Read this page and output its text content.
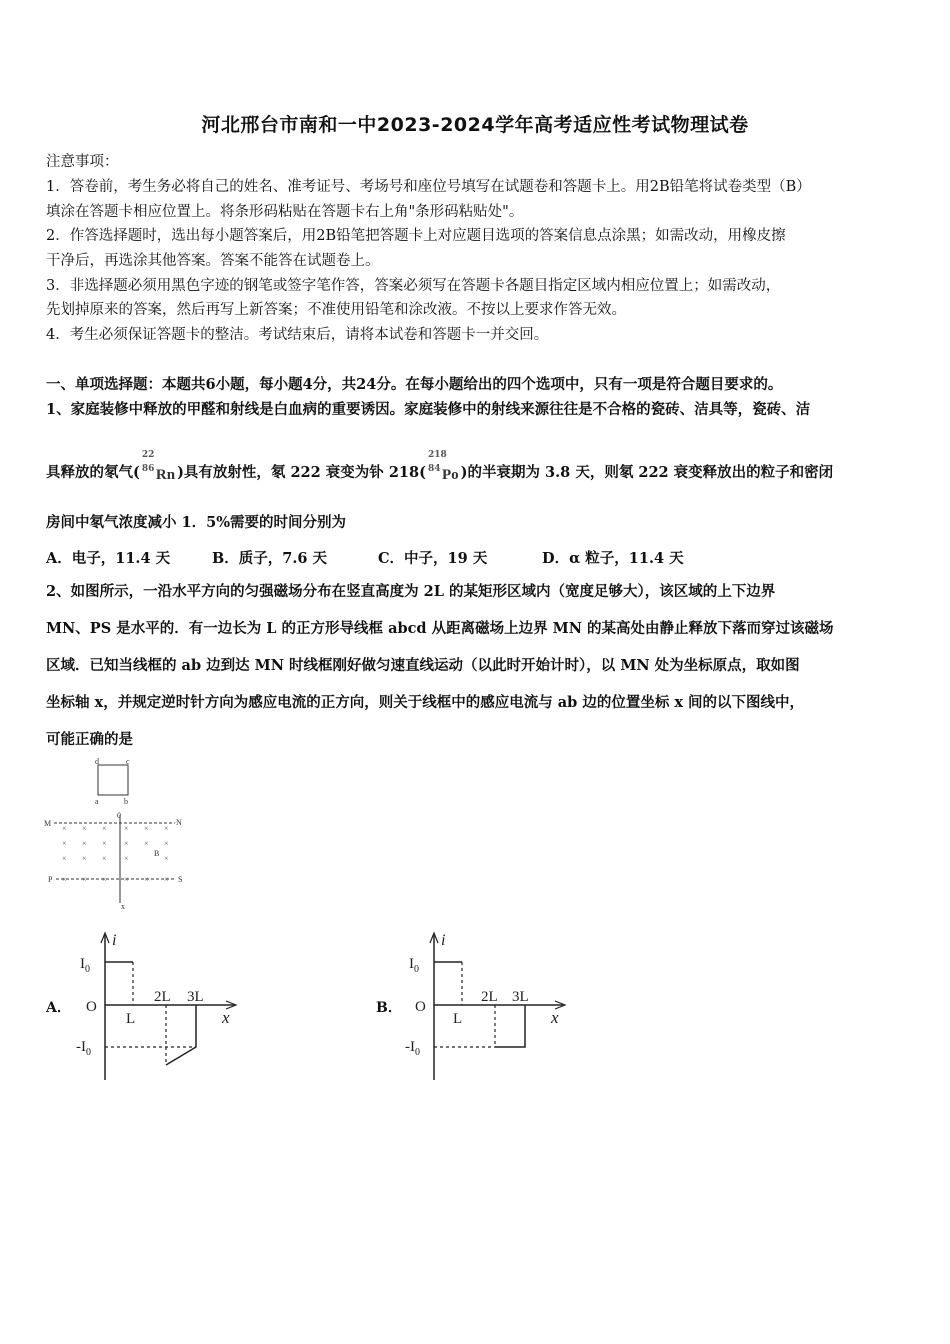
河北邢台市南和一中2023-2024学年高考适应性考试物理试卷
注意事项：
1．答卷前，考生务必将自己的姓名、准考证号、考场号和座位号填写在试题卷和答题卡上。用2B铅笔将试卷类型（B）
填涂在答题卡相应位置上。将条形码粘贴在答题卡右上角"条形码粘贴处"。
2．作答选择题时，选出每小题答案后，用2B铅笔把答题卡上对应题目选项的答案信息点涂黑；如需改动，用橡皮擦
干净后，再选涂其他答案。答案不能答在试题卷上。
3．非选择题必须用黑色字迹的钢笔或签字笔作答，答案必须写在答题卡各题目指定区域内相应位置上；如需改动，
先划掉原来的答案，然后再写上新答案；不准使用铅笔和涂改液。不按以上要求作答无效。
4．考生必须保证答题卡的整洁。考试结束后，请将本试卷和答题卡一并交回。
一、单项选择题：本题共6小题，每小题4分，共24分。在每小题给出的四个选项中，只有一项是符合题目要求的。
1、家庭装修中释放的甲醛和射线是白血病的重要诱因。家庭装修中的射线来源往往是不合格的瓷砖、洁具等，瓷砖、洁
具释放的氡气(
22
86 Rn )具有放射性，氡 222 衰变为钋 218(
218
84 Po )的半衰期为 3.8 天，则氡 222 衰变释放出的粒子和密闭
房间中氡气浓度减小 1．5%需要的时间分别为
A．电子，11.4 天	B．质子，7.6 天	C．中子，19 天	D．α 粒子，11.4 天
2、如图所示，一沿水平方向的匀强磁场分布在竖直高度为 2L 的某矩形区域内（宽度足够大），该区域的上下边界
MN、PS 是水平的．有一边长为 L 的正方形导线框 abcd 从距离磁场上边界 MN 的某高处由静止释放下落而穿过该磁场
区域．已知当线框的 ab 边到达 MN 时线框刚好做匀速直线运动（以此时开始计时），以 MN 处为坐标原点，取如图
坐标轴 x，并规定逆时针方向为感应电流的正方向，则关于线框中的感应电流与 ab 边的位置坐标 x 间的以下图线中，
可能正确的是
d	c
a	b
0
M	N
P	S
x
B
× × × × × ×
× × × × × ×
× × × ×	×
× × × × × ×
A．
i
x
O
$I_0$
$-I_0$
L
2L 3L
B．
i
x
O
$I_0$
$-I_0$
L
2L 3L
